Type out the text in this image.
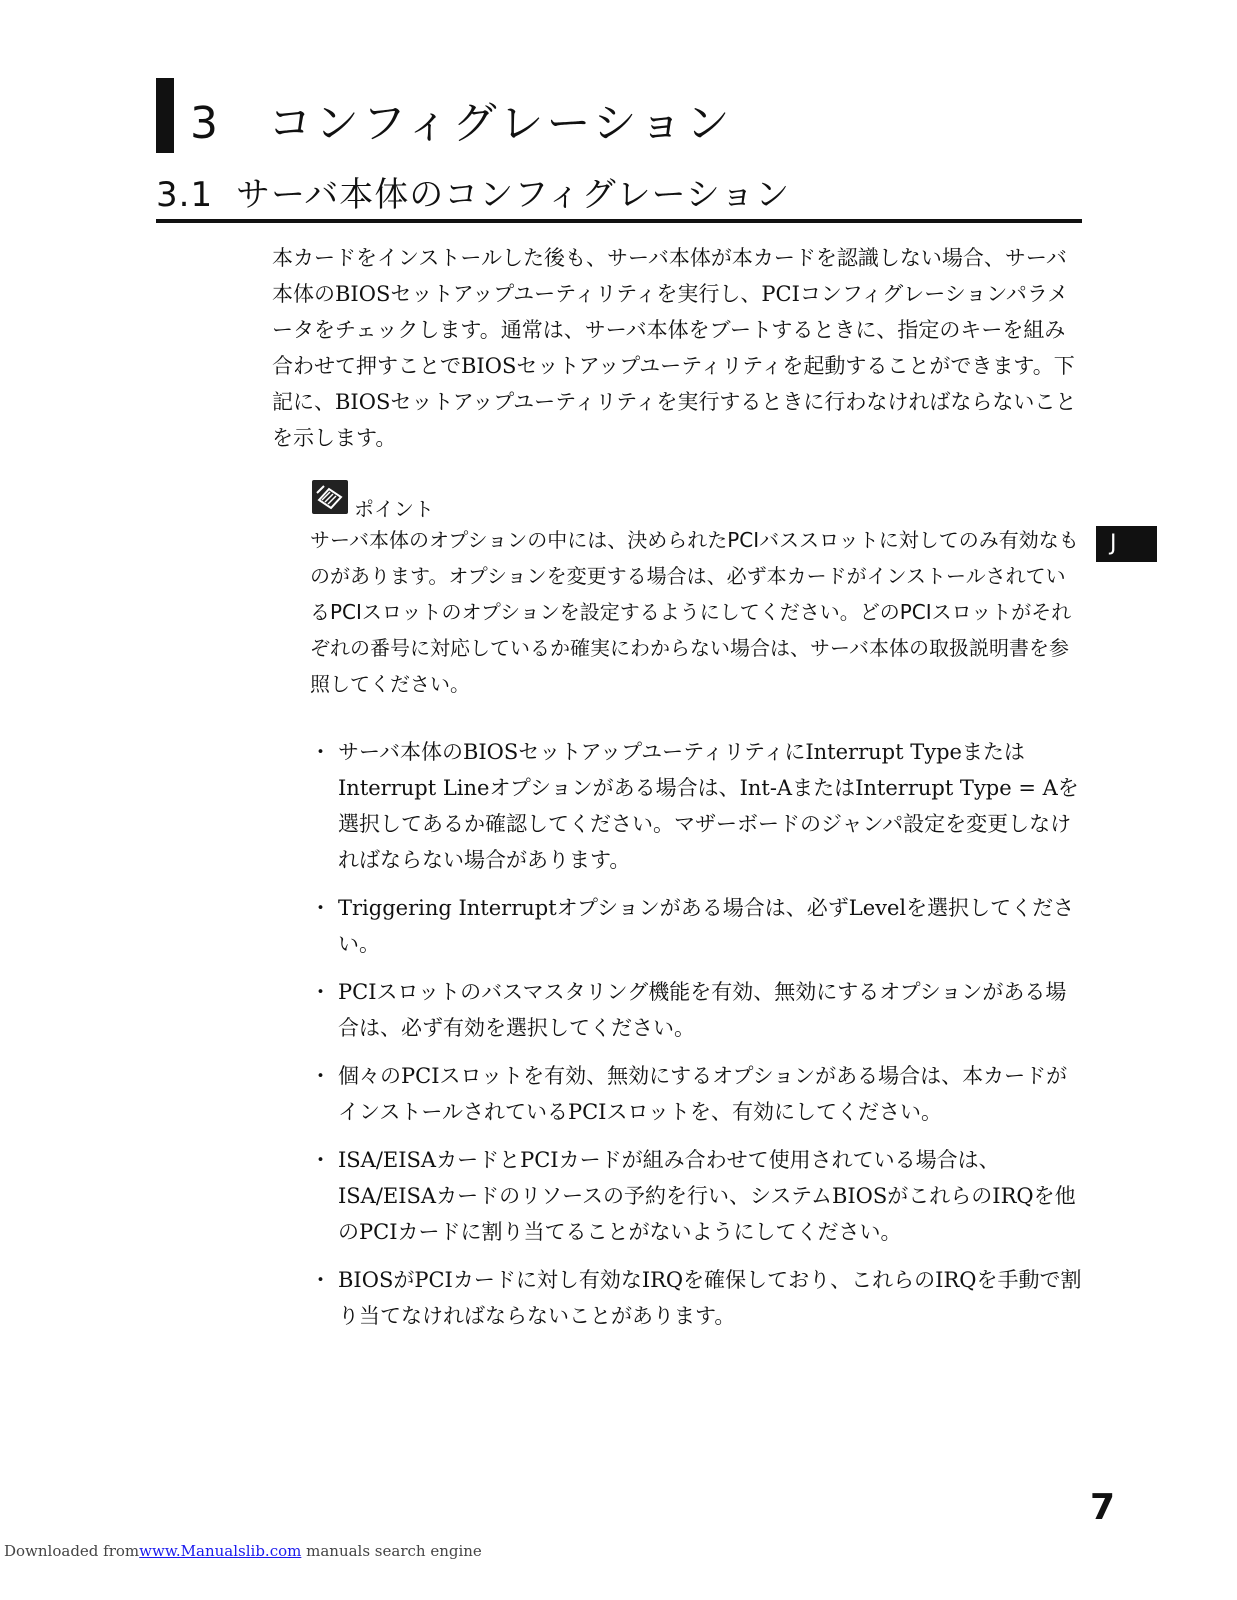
3 コンフィグレーション
3.1 サーバ本体のコンフィグレーション

本カードをインストールした後も、サーバ本体が本カードを認識しない場合、サーバ本体のBIOSセットアップユーティリティを実行し、PCIコンフィグレーションパラメータをチェックします。通常は、サーバ本体をブートするときに、指定のキーを組み合わせて押すことでBIOSセットアップユーティリティを起動することができます。下記に、BIOSセットアップユーティリティを実行するときに行わなければならないことを示します。

ポイント

サーバ本体のオプションの中には、決められたPCIバススロットに対してのみ有効なものがあります。オプションを変更する場合は、必ず本カードがインストールされているPCIスロットのオプションを設定するようにしてください。どのPCIスロットがそれぞれの番号に対応しているか確実にわからない場合は、サーバ本体の取扱説明書を参照してください。

・ サーバ本体のBIOSセットアップユーティリティにInterrupt TypeまたはInterrupt Lineオプションがある場合は、Int-AまたはInterrupt Type = Aを選択してあるか確認してください。マザーボードのジャンパ設定を変更しなければならない場合があります。
・ Triggering Interruptオプションがある場合は、必ずLevelを選択してください。
・ PCIスロットのバスマスタリング機能を有効、無効にするオプションがある場合は、必ず有効を選択してください。
・ 個々のPCIスロットを有効、無効にするオプションがある場合は、本カードがインストールされているPCIスロットを、有効にしてください。
・ ISA/EISAカードとPCIカードが組み合わせて使用されている場合は、ISA/EISAカードのリソースの予約を行い、システムBIOSがこれらのIRQを他のPCIカードに割り当てることがないようにしてください。
・ BIOSがPCIカードに対し有効なIRQを確保しており、これらのIRQを手動で割り当てなければならないことがあります。
J
7
Downloaded fromwww.Manualslib.com manuals search engine
